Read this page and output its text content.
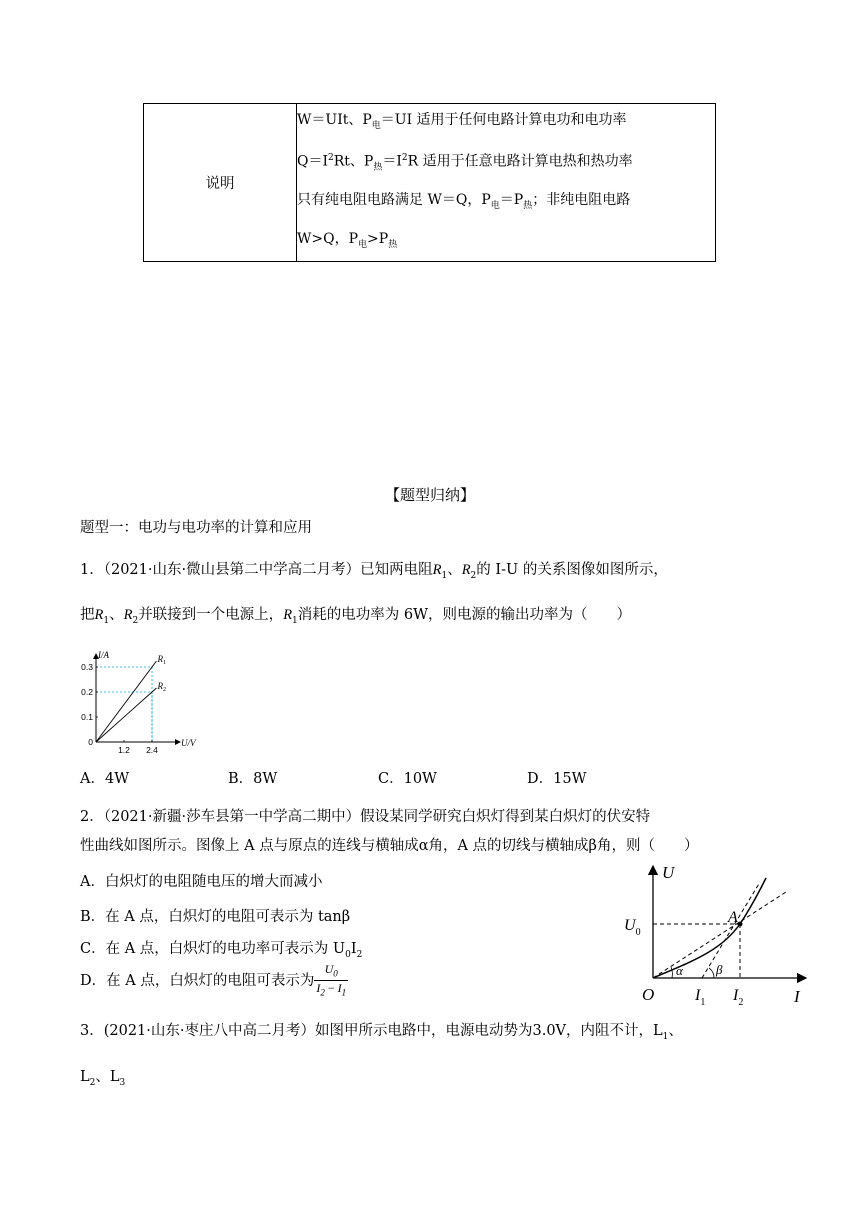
说明	
W＝UIt、$P_电=UI$ 适用于任何电路计算电功和电功率
$Q=I^2Rt$、$P_热=I^2R$ 适用于任意电路计算电热和热功率
只有纯电阻电路满足 W＝Q，$P_电=P_热$；非纯电阻电路
W>Q，$P_电>P_热$
【题型归纳】
题型一：电功与电功率的计算和应用
1．（2021·山东·微山县第二中学高二月考）已知两电阻$R_1$、$R_2$的 I-U 的关系图像如图所示，
把$R_1$、$R_2$并联接到一个电源上，$R_1$消耗的电功率为 6W，则电源的输出功率为（　　）
0
0.1
0.2
0.3
1.2 2.4
$R_1$
$R_2$
U/V
I/A
A．4W	B．8W	C．10W	D．15W
2．（2021·新疆·莎车县第一中学高二期中）假设某同学研究白炽灯得到某白炽灯的伏安特
性曲线如图所示。图像上 A 点与原点的连线与横轴成α角，A 点的切线与横轴成β角，则（　　）
A．白炽灯的电阻随电压的增大而减小
B．在 A 点，白炽灯的电阻可表示为 tanβ
C．在 A 点，白炽灯的电功率可表示为 $U_0I_2$
D．在 A 点，白炽灯的电阻可表示为 $\frac{U_0}{I_2 - I_1}$
U
I
O
A
$U_0$
$I_1$ $I_2$
α	β
3．(2021·山东·枣庄八中高二月考）如图甲所示电路中，电源电动势为3.0V，内阻不计，$L_1$、
$L_2$、$L_3$
